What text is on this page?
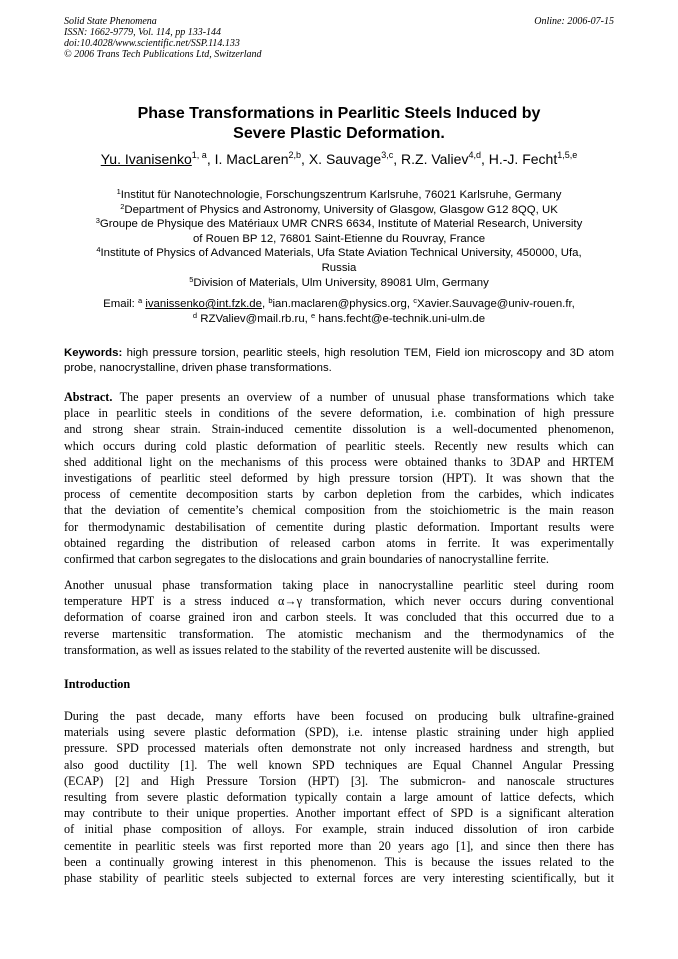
Solid State Phenomena
ISSN: 1662-9779, Vol. 114, pp 133-144
doi:10.4028/www.scientific.net/SSP.114.133
© 2006 Trans Tech Publications Ltd, Switzerland
Online: 2006-07-15
Phase Transformations in Pearlitic Steels Induced by
Severe Plastic Deformation.
Yu. Ivanisenko$^{1, a}$, I. MacLaren$^{2,b}$, X. Sauvage$^{3,c}$, R.Z. Valiev$^{4,d}$, H.-J. Fecht$^{1,5,e}$
$^1$Institut für Nanotechnologie, Forschungszentrum Karlsruhe, 76021 Karlsruhe, Germany
$^2$Department of Physics and Astronomy, University of Glasgow, Glasgow G12 8QQ, UK
$^3$Groupe de Physique des Matériaux UMR CNRS 6634, Institute of Material Research, University
of Rouen BP 12, 76801 Saint-Etienne du Rouvray, France
$^4$Institute of Physics of Advanced Materials, Ufa State Aviation Technical University, 450000, Ufa,
Russia
$^5$Division of Materials, Ulm University, 89081 Ulm, Germany
Email: $^a$ ivanissenko@int.fzk.de, $^b$ian.maclaren@physics.org, $^c$Xavier.Sauvage@univ-rouen.fr,
$^d$ RZValiev@mail.rb.ru, $^e$ hans.fecht@e-technik.uni-ulm.de
Keywords: high pressure torsion, pearlitic steels, high resolution TEM, Field ion microscopy and 3D atom probe, nanocrystalline, driven phase transformations.
Abstract. The paper presents an overview of a number of unusual phase transformations which take
place in pearlitic steels in conditions of the severe deformation, i.e. combination of high pressure
and strong shear strain. Strain-induced cementite dissolution is a well-documented phenomenon,
which occurs during cold plastic deformation of pearlitic steels. Recently new results which can
shed additional light on the mechanisms of this process were obtained thanks to 3DAP and HRTEM
investigations of pearlitic steel deformed by high pressure torsion (HPT). It was shown that the
process of cementite decomposition starts by carbon depletion from the carbides, which indicates
that the deviation of cementite’s chemical composition from the stoichiometric is the main reason
for thermodynamic destabilisation of cementite during plastic deformation. Important results were
obtained regarding the distribution of released carbon atoms in ferrite. It was experimentally
confirmed that carbon segregates to the dislocations and grain boundaries of nanocrystalline ferrite.
Another unusual phase transformation taking place in nanocrystalline pearlitic steel during room
temperature HPT is a stress induced α→γ transformation, which never occurs during conventional
deformation of coarse grained iron and carbon steels. It was concluded that this occurred due to a
reverse martensitic transformation. The atomistic mechanism and the thermodynamics of the
transformation, as well as issues related to the stability of the reverted austenite will be discussed.
Introduction
During the past decade, many efforts have been focused on producing bulk ultrafine-grained
materials using severe plastic deformation (SPD), i.e. intense plastic straining under high applied
pressure. SPD processed materials often demonstrate not only increased hardness and strength, but
also good ductility [1]. The well known SPD techniques are Equal Channel Angular Pressing
(ECAP) [2] and High Pressure Torsion (HPT) [3]. The submicron- and nanoscale structures
resulting from severe plastic deformation typically contain a large amount of lattice defects, which
may contribute to their unique properties. Another important effect of SPD is a significant alteration
of initial phase composition of alloys. For example, strain induced dissolution of iron carbide
cementite in pearlitic steels was first reported more than 20 years ago [1], and since then there has
been a continually growing interest in this phenomenon. This is because the issues related to the
phase stability of pearlitic steels subjected to external forces are very interesting scientifically, but it
